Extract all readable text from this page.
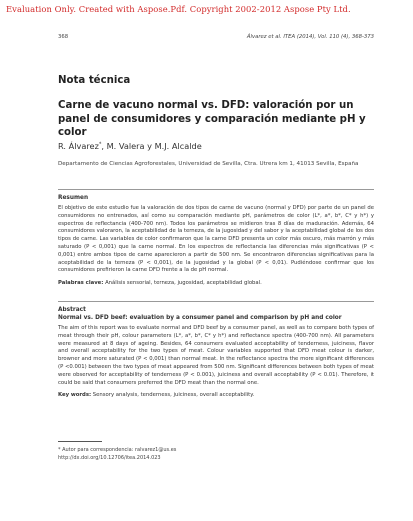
Evaluation Only. Created with Aspose.Pdf. Copyright 2002-2012 Aspose Pty Ltd.
368	Álvarez et al. ITEA (2014), Vol. 110 (4), 368-373
Nota técnica
Carne de vacuno normal vs. DFD: valoración por un panel de consumidores y comparación mediante pH y color
R. Álvarez*, M. Valera y M.J. Alcalde
Departamento de Ciencias Agroforestales, Universidad de Sevilla, Ctra. Utrera km 1, 41013 Sevilla, España
Resumen
El objetivo de este estudio fue la valoración de dos tipos de carne de vacuno (normal y DFD) por parte de un panel de consumidores no entrenados, así como su comparación mediante pH, parámetros de color (L*, a*, b*, C* y h*) y espectros de reflectancia (400-700 nm). Todos los parámetros se midieron tras 8 días de maduración. Además, 64 consumidores valoraron, la aceptabilidad de la terneza, de la jugosidad y del sabor y la aceptabilidad global de los dos tipos de carne. Las variables de color confirmaron que la carne DFD presenta un color más oscuro, más marrón y más saturado (P < 0,001) que la carne normal. En los espectros de reflectancia las diferencias más significativas (P < 0,001) entre ambos tipos de carne aparecieron a partir de 500 nm. Se encontraron diferencias significativas para la aceptabilidad de la terneza (P < 0,001), de la jugosidad y la global (P < 0,01). Pudiéndose confirmar que los consumidores prefirieron la carne DFD frente a la de pH normal.
Palabras clave: Análisis sensorial, terneza, jugosidad, aceptabilidad global.
Abstract
Normal vs. DFD beef: evaluation by a consumer panel and comparison by pH and color
The aim of this report was to evaluate normal and DFD beef by a consumer panel, as well as to compare both types of meat through their pH, colour parameters (L*, a*, b*, C* y h*) and reflectance spectra (400-700 nm). All parameters were measured at 8 days of ageing. Besides, 64 consumers evaluated acceptability of tenderness, juiciness, flavor and overall acceptability for the two types of meat. Colour variables supported that DFD meat colour is darker, browner and more saturated (P < 0,001) than normal meat. In the reflectance spectra the more significant differences (P <0.001) between the two types of meat appeared from 500 nm. Significant differences between both types of meat were observed for acceptability of tenderness (P < 0.001), juiciness and overall acceptability (P < 0.01). Therefore, it could be said that consumers preferred the DFD meat than the normal one.
Key words: Sensory analysis, tenderness, juiciness, overall acceptability.
* Autor para correspondencia: ralvarez1@us.es
http://dx.doi.org/10.12706/itea.2014.023
